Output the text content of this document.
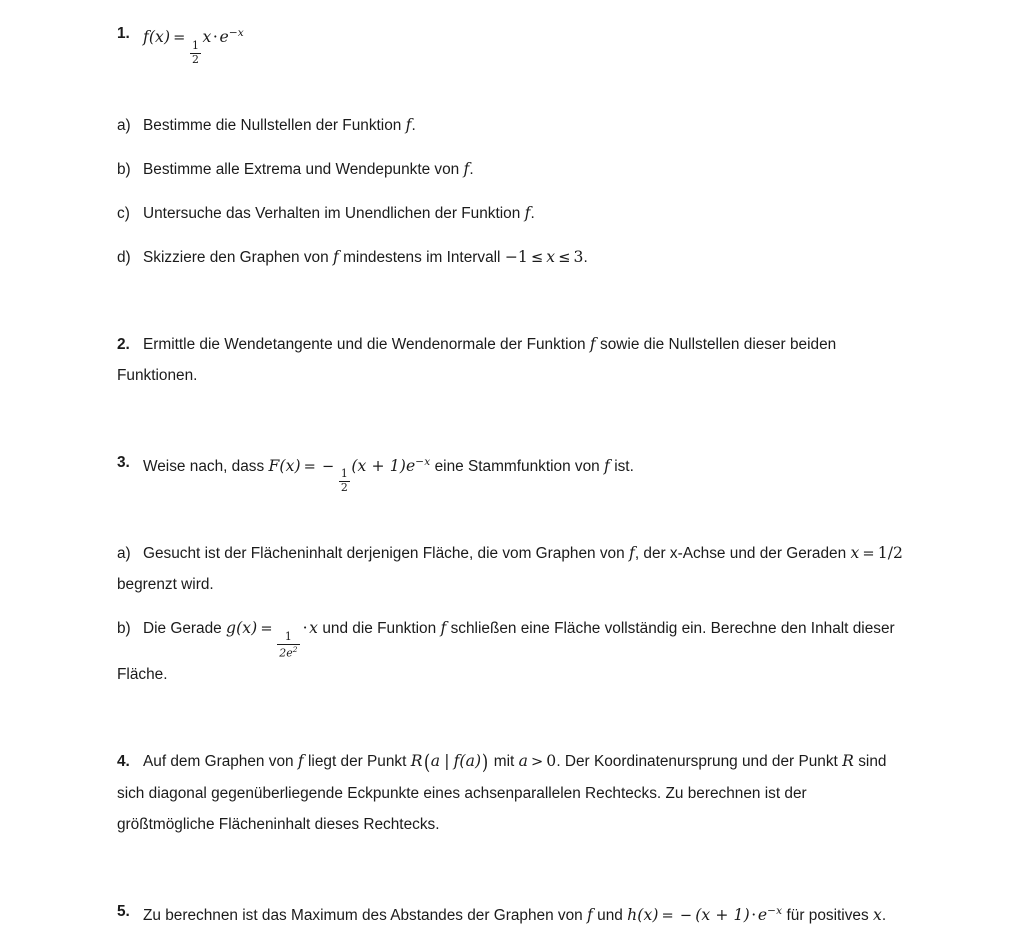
1. f(x) =
$\frac{1}{2}$
$x\cdot e^{-x}$
a) Bestimme die Nullstellen der Funktion f.
b) Bestimme alle Extrema und Wendepunkte von f.
c) Untersuche das Verhalten im Unendlichen der Funktion f.
d) Skizziere den Graphen von f mindestens im Intervall −1 ≤ x ≤ 3.
2. Ermittle die Wendetangente und die Wendenormale der Funktion f sowie die Nullstellen dieser beiden Funktionen.
3. Weise nach, dass F(x) = −
$\frac{1}{2}$
$(x + 1)e^{-x}$ eine Stammfunktion von f ist.
a) Gesucht ist der Flächeninhalt derjenigen Fläche, die vom Graphen von f, der x-Achse und der Geraden x = 1/2 begrenzt wird.
b) Die Gerade g(x) =
$\frac{1}{2e^2}$
·x und die Funktion f schließen eine Fläche vollständig ein. Berechne den Inhalt dieser Fläche.
4. Auf dem Graphen von f liegt der Punkt R(a | f(a)) mit a > 0. Der Koordinatenursprung und der Punkt R sind sich diagonal gegenüberliegende Eckpunkte eines achsenparallelen Rechtecks. Zu berechnen ist der größtmögliche Flächeninhalt dieses Rechtecks.
5. Zu berechnen ist das Maximum des Abstandes der Graphen von f und h(x) = − $(x + 1)\cdot e^{-x}$ für positives x.
